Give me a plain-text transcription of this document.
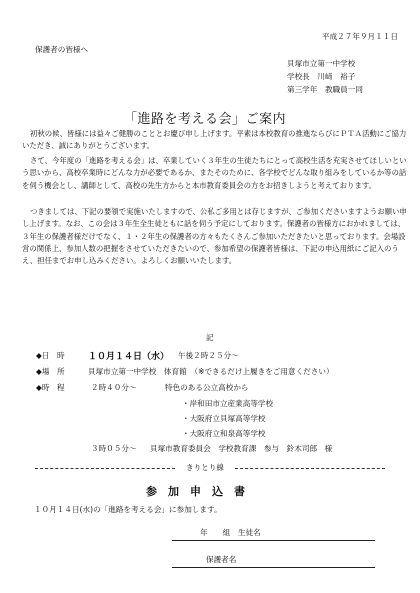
平成２７年９月１１日
保護者の皆様へ
貝塚市立第一中学校
学校長　川﨑　裕子
第三学年　教職員一同
「進路を考える会」ご案内
初秋の候、皆様には益々ご健勝のこととお慶び申し上げます。平素は本校教育の推進ならびにＰＴＡ活動にご協力いただき、誠にありがとうございます。
さて、今年度の「進路を考える会」は、卒業していく３年生の生徒たちにとって高校生活を充実させてほしいという思いから、高校卒業時にどんな力が必要であるか、またそのために、各学校でどんな取り組みをしているか等の話を伺う機会とし、講師として、高校の先生方からと本市教育委員会の方をお招きしようと考えております。
つきましては、下記の要領で実施いたしますので、公私ご多用とは存じますが、ご参加くださいますようお願い申し上げます。なお、この会は３年生全生徒ともに話を伺う予定にしております。保護者の皆様方におかれましては、３年生の保護者様だけでなく、１・２年生の保護者の方々もたくさんご参加いただきたいと思っております。会場設営の関係上、参加人数の把握をさせていただきたいので、参加希望の保護者皆様は、下記の申込用紙にご記入のうえ、担任までお申し込みください。よろしくお願いいたします。
記
◆日　時	１０月１４日（水） 午後２時２５分～
◆場　所	貝塚市立第一中学校　体育館　（※できるだけ上履きをご用意ください）
◆時　程	２時４０分～	特色のある公立高校から
・岸和田市立産業高等学校
・大阪府立貝塚高等学校
・大阪府立和泉高等学校
３時０５分～ 貝塚市教育委員会　学校教育課　参与　鈴木司郎　様
きりとり線
参　加　申　込　書
１０月１４日(水)の「進路を考える会」に参加します。
年　　組　生徒名
保護者名
